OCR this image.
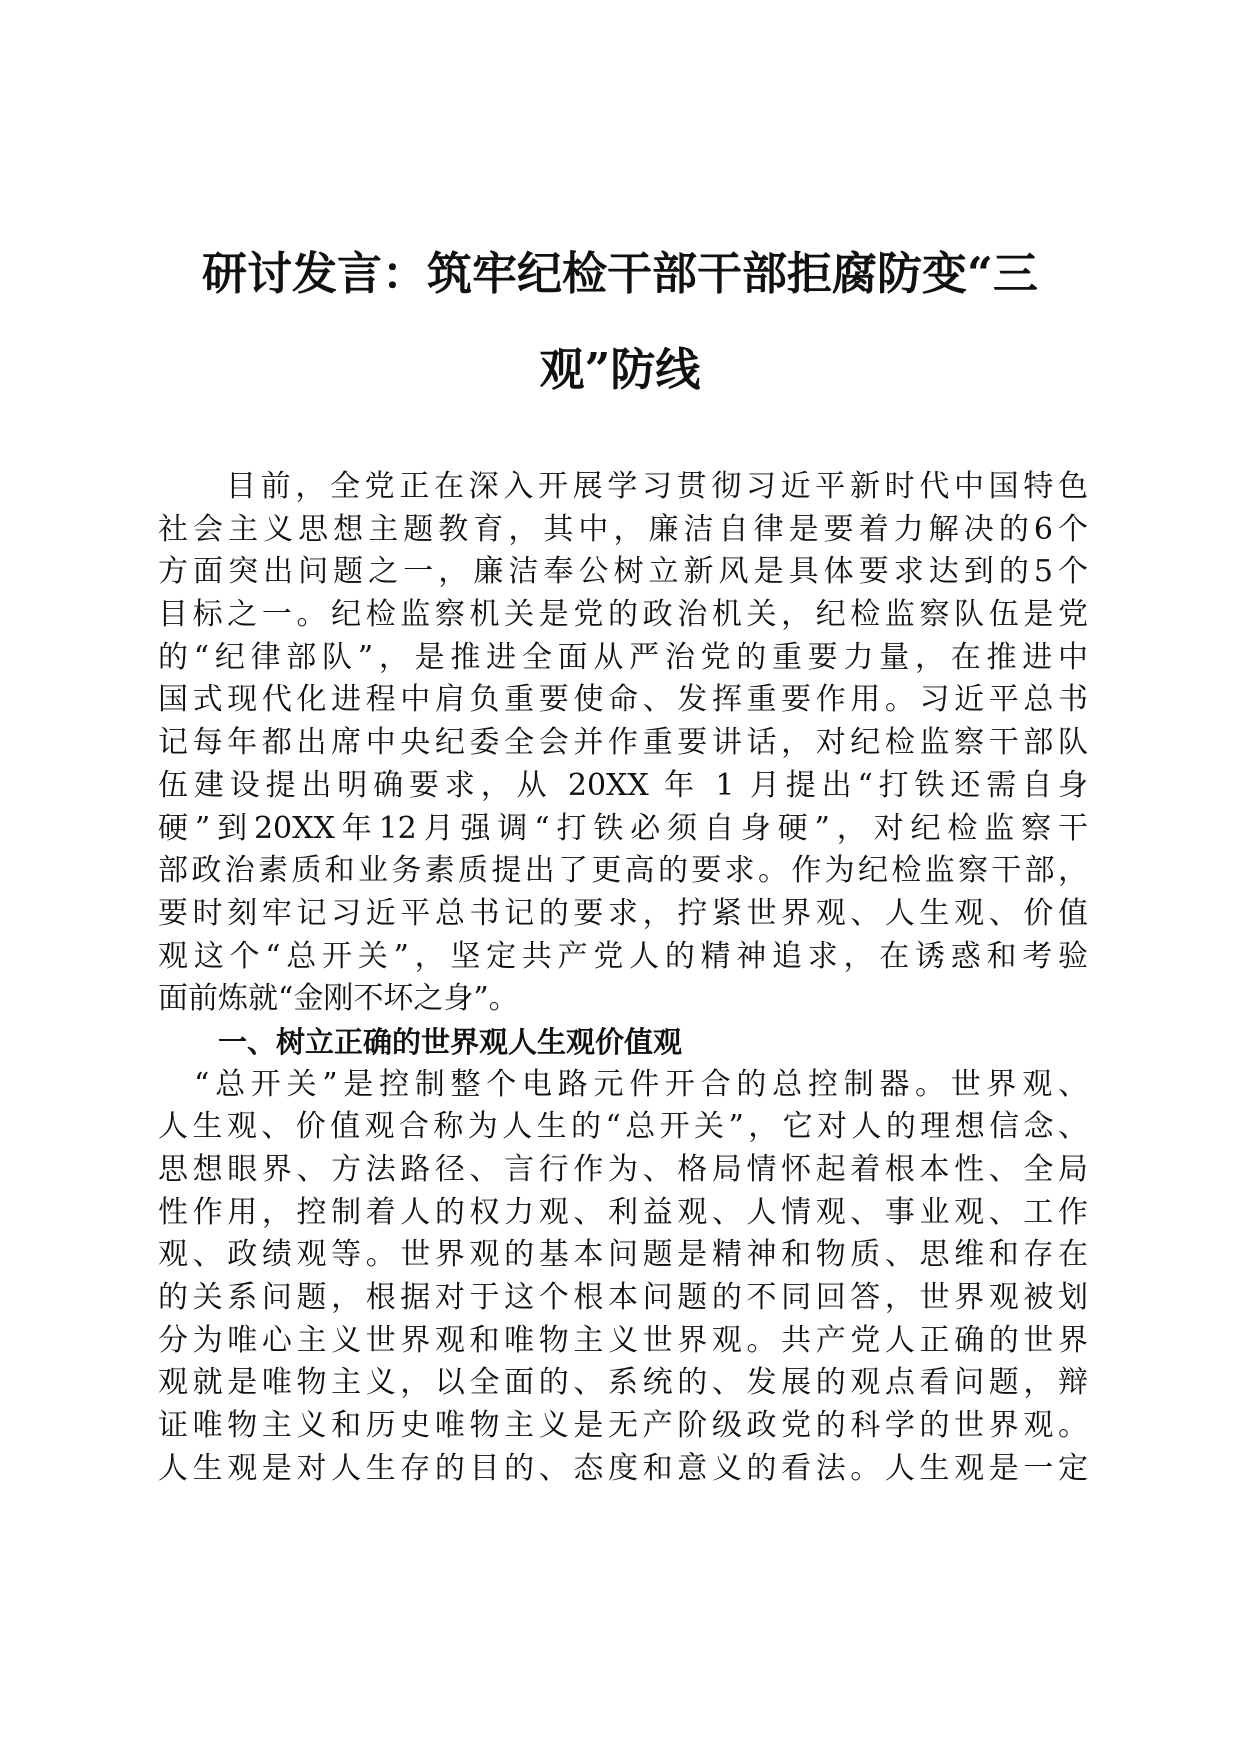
研讨发言：筑牢纪检干部干部拒腐防变“三
观”防线
目前，全党正在深入开展学习贯彻习近平新时代中国特色
社会主义思想主题教育，其中，廉洁自律是要着力解决的6个
方面突出问题之一，廉洁奉公树立新风是具体要求达到的5个
目标之一。纪检监察机关是党的政治机关，纪检监察队伍是党
的“纪律部队”，是推进全面从严治党的重要力量，在推进中
国式现代化进程中肩负重要使命、发挥重要作用。习近平总书
记每年都出席中央纪委全会并作重要讲话，对纪检监察干部队
伍建设提出明确要求，从 20XX 年 1 月提出“打铁还需自身
硬”到20XX年12月强调“打铁必须自身硬”，对纪检监察干
部政治素质和业务素质提出了更高的要求。作为纪检监察干部，
要时刻牢记习近平总书记的要求，拧紧世界观、人生观、价值
观这个“总开关”，坚定共产党人的精神追求，在诱惑和考验
面前炼就“金刚不坏之身”。
一、树立正确的世界观人生观价值观
“总开关”是控制整个电路元件开合的总控制器。世界观、
人生观、价值观合称为人生的“总开关”，它对人的理想信念、
思想眼界、方法路径、言行作为、格局情怀起着根本性、全局
性作用，控制着人的权力观、利益观、人情观、事业观、工作
观、政绩观等。世界观的基本问题是精神和物质、思维和存在
的关系问题，根据对于这个根本问题的不同回答，世界观被划
分为唯心主义世界观和唯物主义世界观。共产党人正确的世界
观就是唯物主义，以全面的、系统的、发展的观点看问题，辩
证唯物主义和历史唯物主义是无产阶级政党的科学的世界观。
人生观是对人生存的目的、态度和意义的看法。人生观是一定
